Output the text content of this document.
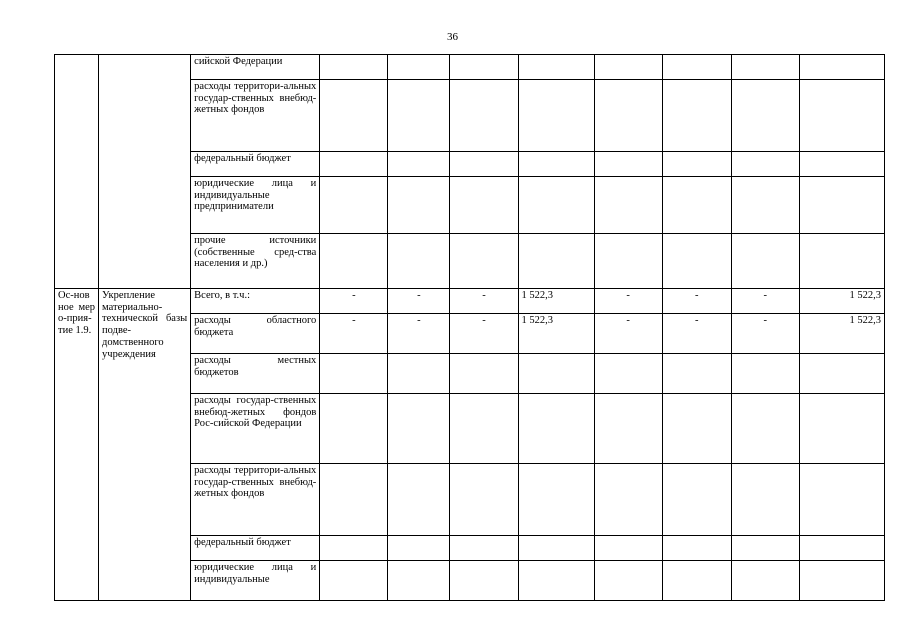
36
		сийской Федерации								
		расходы территори-альных государ-ственных внебюд-жетных фондов								
		федеральный бюджет								
		юридические лица и индивидуальные предприниматели								
		прочие источники (собственные сред-ства населения и др.)								
Ос-новное меро-прия-тие 1.9.	Укрепление материально-технической базы подве-домственного учреждения	Всего, в т.ч.:	-	-	-	1 522,3	-	-	-	1 522,3
		расходы областного бюджета	-	-	-	1 522,3	-	-	-	1 522,3
		расходы местных бюджетов								
		расходы государ-ственных внебюд-жетных фондов Рос-сийской Федерации								
		расходы территори-альных государ-ственных внебюд-жетных фондов								
		федеральный бюджет								
		юридические лица и индивидуальные								
